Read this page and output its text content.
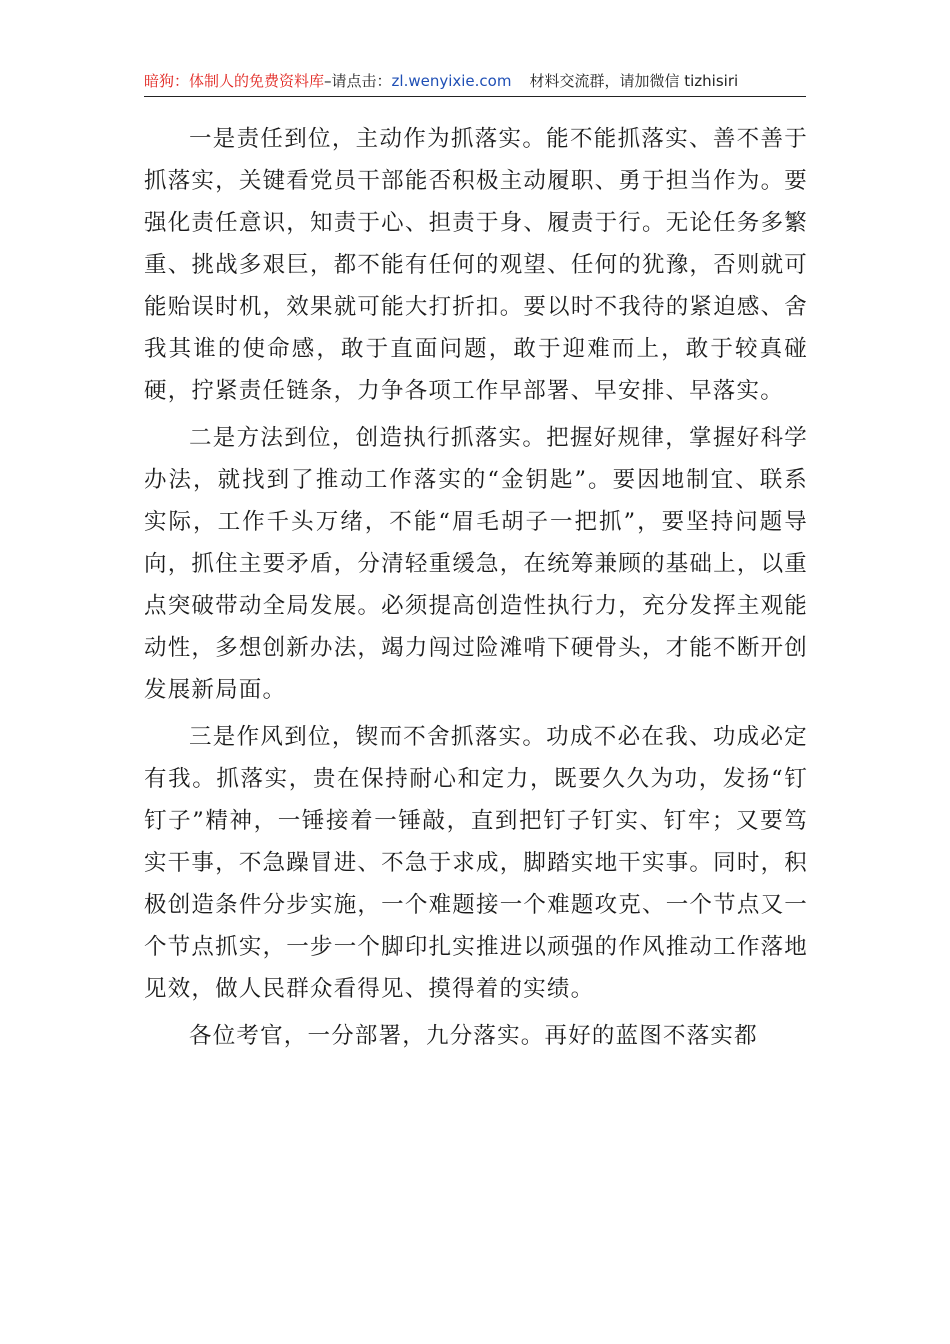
暗狗：体制人的免费资料库–请点击：zl.wenyixie.com 材料交流群，请加微信 tizhisiri

一是责任到位，主动作为抓落实。能不能抓落实、善不善于抓落实，关键看党员干部能否积极主动履职、勇于担当作为。要强化责任意识，知责于心、担责于身、履责于行。无论任务多繁重、挑战多艰巨，都不能有任何的观望、任何的犹豫，否则就可能贻误时机，效果就可能大打折扣。要以时不我待的紧迫感、舍我其谁的使命感，敢于直面问题，敢于迎难而上，敢于较真碰硬，拧紧责任链条，力争各项工作早部署、早安排、早落实。

二是方法到位，创造执行抓落实。把握好规律，掌握好科学办法，就找到了推动工作落实的“金钥匙”。要因地制宜、联系实际，工作千头万绪，不能“眉毛胡子一把抓”，要坚持问题导向，抓住主要矛盾，分清轻重缓急，在统筹兼顾的基础上，以重点突破带动全局发展。必须提高创造性执行力，充分发挥主观能动性，多想创新办法，竭力闯过险滩啃下硬骨头，才能不断开创发展新局面。

三是作风到位，锲而不舍抓落实。功成不必在我、功成必定有我。抓落实，贵在保持耐心和定力，既要久久为功，发扬“钉钉子”精神，一锤接着一锤敲，直到把钉子钉实、钉牢；又要笃实干事，不急躁冒进、不急于求成，脚踏实地干实事。同时，积极创造条件分步实施，一个难题接一个难题攻克、一个节点又一个节点抓实，一步一个脚印扎实推进以顽强的作风推动工作落地见效，做人民群众看得见、摸得着的实绩。

各位考官，一分部署，九分落实。再好的蓝图不落实都
